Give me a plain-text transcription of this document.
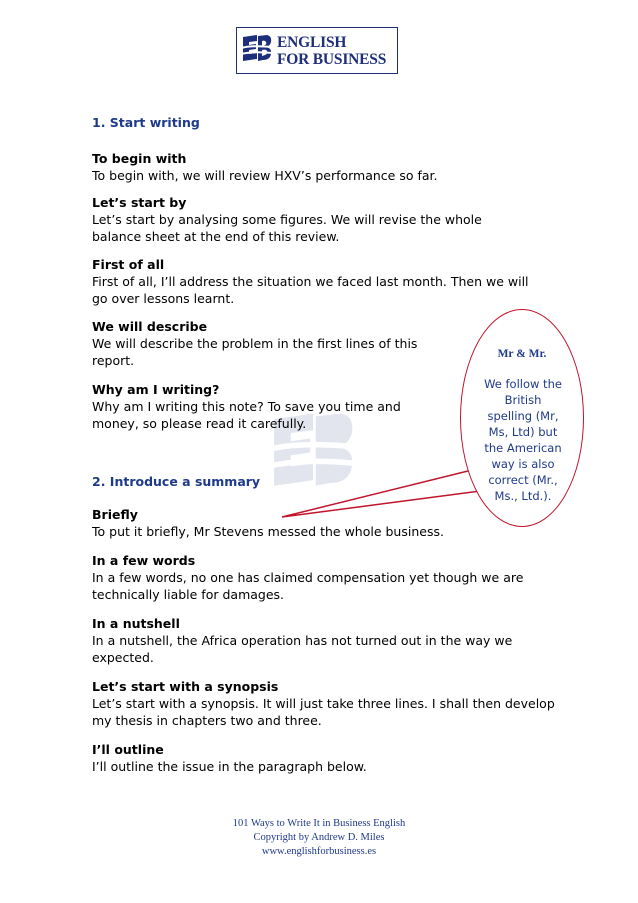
ENGLISH
FOR BUSINESS
1. Start writing
To begin with
To begin with, we will review HXV’s performance so far.
Let’s start by
Let’s start by analysing some figures. We will revise the whole balance sheet at the end of this review.
First of all
First of all, I’ll address the situation we faced last month. Then we will go over lessons learnt.
We will describe
We will describe the problem in the first lines of this report.
Why am I writing?
Why am I writing this note? To save you time and money, so please read it carefully.
2. Introduce a summary
Briefly
To put it briefly, Mr Stevens messed the whole business.
In a few words
In a few words, no one has claimed compensation yet though we are technically liable for damages.
In a nutshell
In a nutshell, the Africa operation has not turned out in the way we expected.
Let’s start with a synopsis
Let’s start with a synopsis. It will just take three lines. I shall then develop my thesis in chapters two and three.
I’ll outline
I’ll outline the issue in the paragraph below.
Mr & Mr.
We follow the British spelling (Mr, Ms, Ltd) but the American way is also correct (Mr., Ms., Ltd.).
101 Ways to Write It in Business English
Copyright by Andrew D. Miles
www.englishforbusiness.es
